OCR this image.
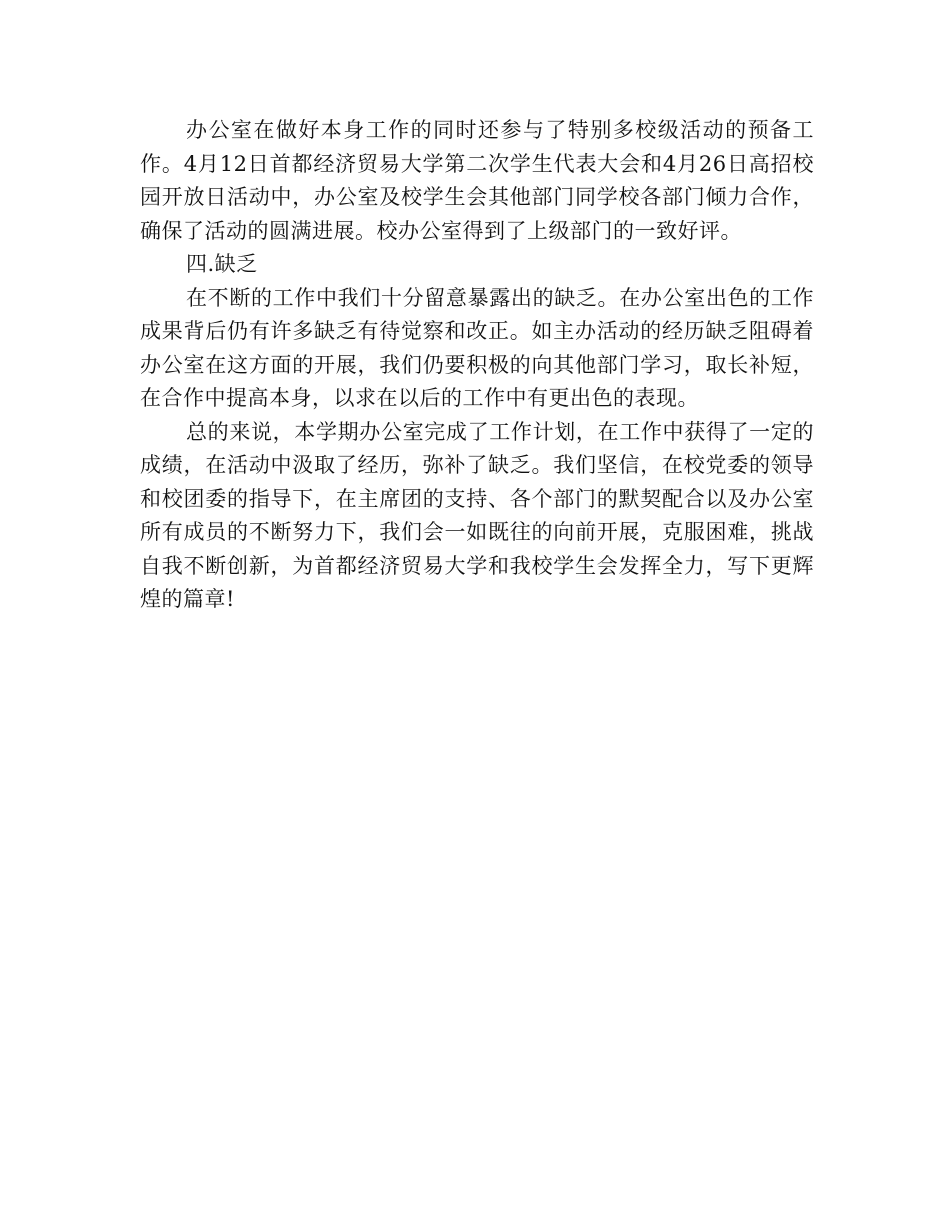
办公室在做好本身工作的同时还参与了特别多校级活动的预备工作。4月12日首都经济贸易大学第二次学生代表大会和4月26日高招校园开放日活动中，办公室及校学生会其他部门同学校各部门倾力合作，确保了活动的圆满进展。校办公室得到了上级部门的一致好评。

四.缺乏

在不断的工作中我们十分留意暴露出的缺乏。在办公室出色的工作成果背后仍有许多缺乏有待觉察和改正。如主办活动的经历缺乏阻碍着办公室在这方面的开展，我们仍要积极的向其他部门学习，取长补短，在合作中提高本身，以求在以后的工作中有更出色的表现。

总的来说，本学期办公室完成了工作计划，在工作中获得了一定的成绩，在活动中汲取了经历，弥补了缺乏。我们坚信，在校党委的领导和校团委的指导下，在主席团的支持、各个部门的默契配合以及办公室所有成员的不断努力下，我们会一如既往的向前开展，克服困难，挑战自我不断创新，为首都经济贸易大学和我校学生会发挥全力，写下更辉煌的篇章!
